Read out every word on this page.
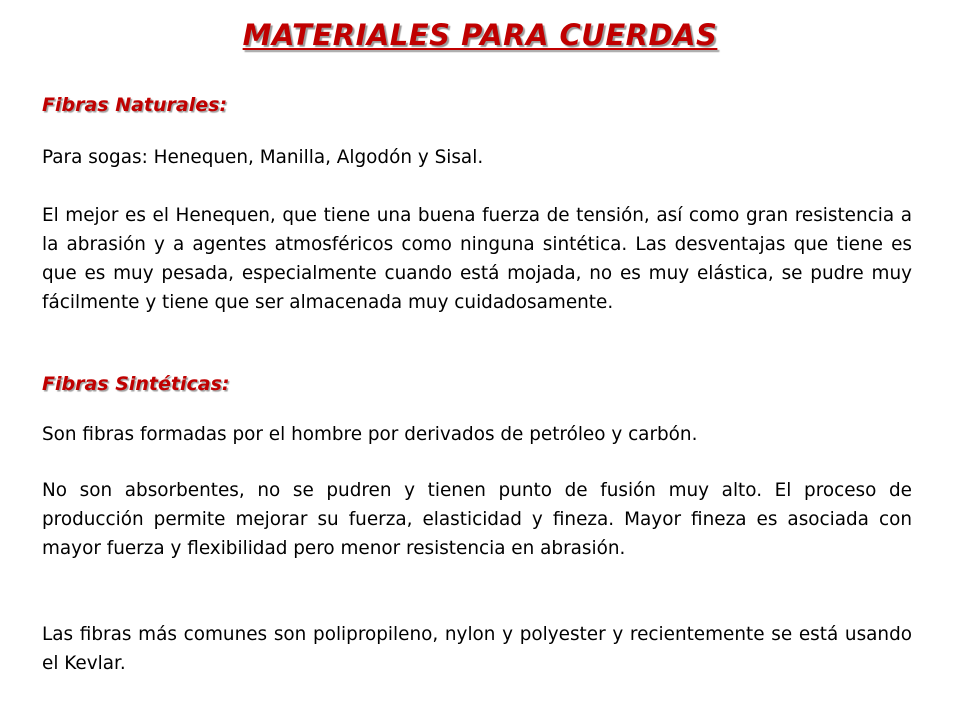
MATERIALES PARA CUERDAS
Fibras Naturales:

Para sogas: Henequen, Manilla, Algodón y Sisal.

El mejor es el Henequen, que tiene una buena fuerza de tensión, así como gran resistencia a la abrasión y a agentes atmosféricos como ninguna sintética. Las desventajas que tiene es que es muy pesada, especialmente cuando está mojada, no es muy elástica, se pudre muy fácilmente y tiene que ser almacenada muy cuidadosamente.

Fibras Sintéticas:

Son fibras formadas por el hombre por derivados de petróleo y carbón.

No son absorbentes, no se pudren y tienen punto de fusión muy alto. El proceso de producción permite mejorar su fuerza, elasticidad y fineza. Mayor fineza es asociada con mayor fuerza y flexibilidad pero menor resistencia en abrasión.

Las fibras más comunes son polipropileno, nylon y polyester y recientemente se está usando el Kevlar.
